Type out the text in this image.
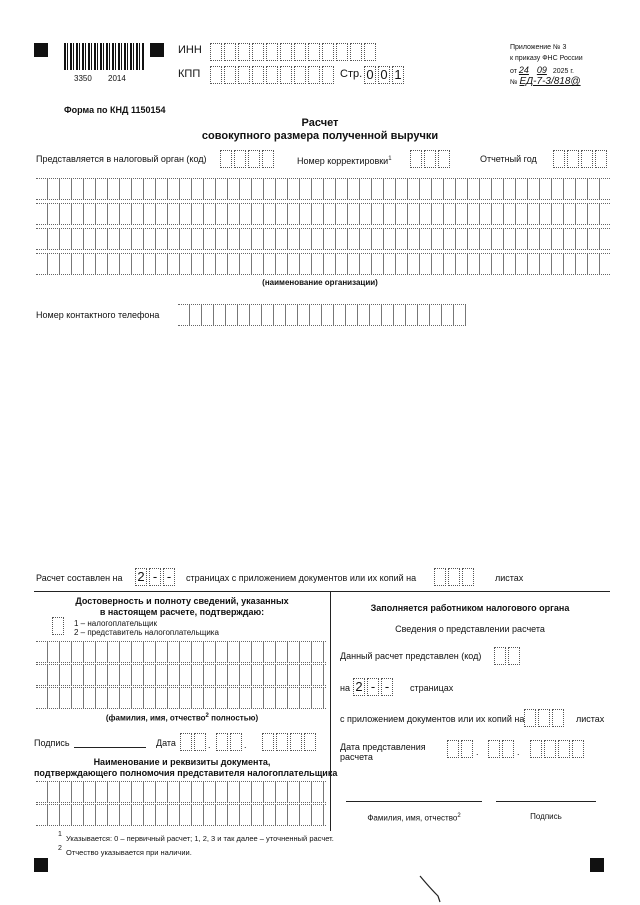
3350 2014
ИНН
КПП	Стр. 0 0 1
Приложение № 3
к приказу ФНС России
от 24 09 2025 г.
№ ЕД-7-3/818@
Форма по КНД 1150154
Расчет
совокупного размера полученной выручки
Представляется в налоговый орган (код)	Номер корректировки$^1$	Отчетный год
(наименование организации)
Номер контактного телефона
Расчет составлен на 2 - -	страницах с приложением документов или их копий на	листах
Достоверность и полноту сведений, указанных
в настоящем расчете, подтверждаю:
1 – налогоплательщик
2 – представитель налогоплательщика
(фамилия, имя, отчество$^2$ полностью)
Подпись	Дата	.	.
Наименование и реквизиты документа,
подтверждающего полномочия представителя налогоплательщика
Заполняется работником налогового органа
Сведения о представлении расчета
Данный расчет представлен (код)
на 2 - -	страницах
с приложением документов или их копий на	листах
Дата представления
расчета	.	.
Фамилия, имя, отчество$^2$	Подпись
1 Указывается: 0 – первичный расчет; 1, 2, 3 и так далее – уточненный расчет.
2 Отчество указывается при наличии.
